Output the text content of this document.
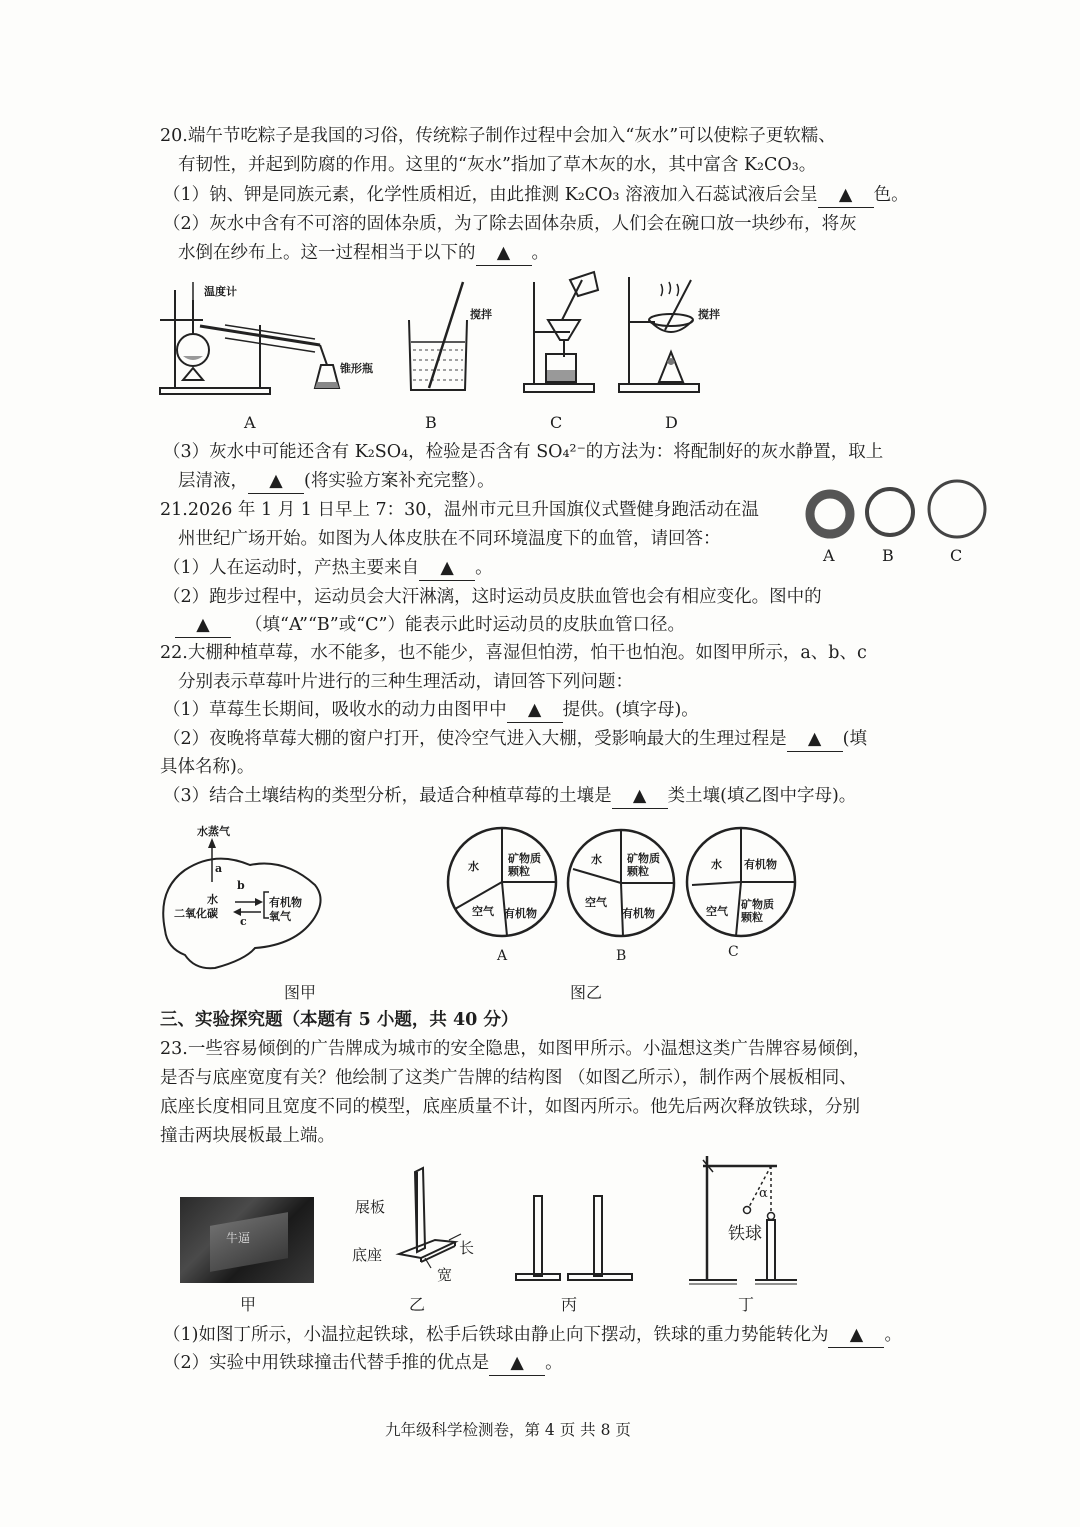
20.端午节吃粽子是我国的习俗，传统粽子制作过程中会加入“灰水”可以使粽子更软糯、
有韧性，并起到防腐的作用。这里的“灰水”指加了草木灰的水，其中富含 K₂CO₃。
（1）钠、钾是同族元素，化学性质相近，由此推测 K₂CO₃ 溶液加入石蕊试液后会呈 ▲ 色。
（2）灰水中含有不可溶的固体杂质，为了除去固体杂质，人们会在碗口放一块纱布，将灰
水倒在纱布上。这一过程相当于以下的 ▲ 。
温度计
锥形瓶
搅拌	搅拌
A	B	C	D
（3）灰水中可能还含有 K₂SO₄，检验是否含有 SO₄²⁻的方法为：将配制好的灰水静置，取上
层清液， ▲ (将实验方案补充完整）。
21.2026 年 1 月 1 日早上 7：30，温州市元旦升国旗仪式暨健身跑活动在温
州世纪广场开始。如图为人体皮肤在不同环境温度下的血管，请回答：
（1）人在运动时，产热主要来自 ▲ 。
（2）跑步过程中，运动员会大汗淋漓，这时运动员皮肤血管也会有相应变化。图中的
▲ （填“A”“B”或“C”）能表示此时运动员的皮肤血管口径。
A	B	C
22.大棚种植草莓，水不能多，也不能少，喜湿但怕涝，怕干也怕泡。如图甲所示，a、b、c
分别表示草莓叶片进行的三种生理活动，请回答下列问题：
（1）草莓生长期间，吸收水的动力由图甲中 ▲ 提供。(填字母)。
（2）夜晚将草莓大棚的窗户打开，使冷空气进入大棚，受影响最大的生理过程是 ▲ (填
具体名称)。
（3）结合土壤结构的类型分析，最适合种植草莓的土壤是 ▲ 类土壤(填乙图中字母)。
水蒸气
a
水
b
二氧化碳
c
有机物
氧气
水
矿物质颗粒
空气 有机物
水 矿物质颗粒
空气
有机物
水 有机物
空气
矿物质颗粒
A	B	C
图甲	图乙
三、实验探究题（本题有 5 小题，共 40 分）
23.一些容易倾倒的广告牌成为城市的安全隐患，如图甲所示。小温想这类广告牌容易倾倒，
是否与底座宽度有关？他绘制了这类广告牌的结构图 （如图乙所示），制作两个展板相同、
底座长度相同且宽度不同的模型，底座质量不计，如图丙所示。他先后两次释放铁球，分别
撞击两块展板最上端。
牛逼
展板
底座	长
宽
α
铁球
甲	乙	丙	丁
（1)如图丁所示，小温拉起铁球，松手后铁球由静止向下摆动，铁球的重力势能转化为 ▲ 。
（2）实验中用铁球撞击代替手推的优点是 ▲ 。
九年级科学检测卷，第 4 页 共 8 页
